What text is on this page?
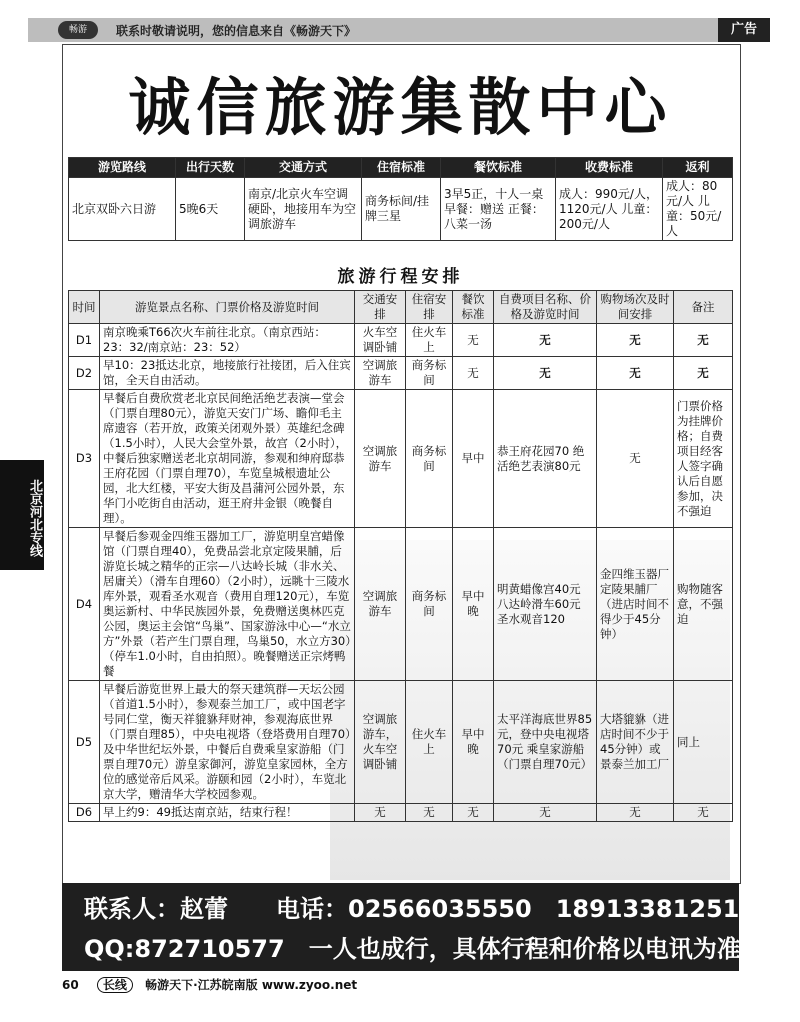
畅游	联系时敬请说明，您的信息来自《畅游天下》	广告
诚信旅游集散中心
游览路线	出行天数	交通方式	住宿标准	餐饮标准	收费标准	返利
北京双卧六日游	5晚6天	南京/北京火车空调硬卧，地接用车为空调旅游车	商务标间/挂牌三星	3早5正，十人一桌 早餐：赠送 正餐：八菜一汤	成人：990元/人，1120元/人 儿童：200元/人	成人：80元/人 儿童：50元/人
旅游行程安排
时间	游览景点名称、门票价格及游览时间	交通安排	住宿安排	餐饮标准	自费项目名称、价格及游览时间	购物场次及时间安排	备注
D1	南京晚乘T66次火车前往北京。（南京西站：23：32/南京站：23：52）	火车空调卧铺	住火车上	无	无	无	无
D2	早10：23抵达北京，地接旅行社接团，后入住宾馆，全天自由活动。	空调旅游车	商务标间	无	无	无	无
D3	早餐后自费欣赏老北京民间绝活绝艺表演—堂会（门票自理80元），游览天安门广场、瞻仰毛主席遗容（若开放，政策关闭观外景）英雄纪念碑（1.5小时），人民大会堂外景，故宫（2小时），中餐后独家赠送老北京胡同游，参观和绅府邸恭王府花园（门票自理70），车览皇城根遗址公园，北大红楼，平安大街及昌蒲河公园外景，东华门小吃街自由活动，逛王府井金银（晚餐自理）。	空调旅游车	商务标间	早中	恭王府花园70 绝活绝艺表演80元	无	门票价格为挂牌价格；自费项目经客人签字确认后自愿参加，决不强迫
D4	早餐后参观金四维玉器加工厂，游览明皇宫蜡像馆（门票自理40），免费品尝北京定陵果脯，后游览长城之精华的正宗—八达岭长城（非水关、居庸关）（滑车自理60）（2小时），远眺十三陵水库外景，观看圣水观音（费用自理120元），车览奥运新村、中华民族园外景，免费赠送奥林匹克公园，奥运主会馆“鸟巢”、国家游泳中心—“水立方”外景（若产生门票自理，鸟巢50，水立方30）（停车1.0小时，自由拍照）。晚餐赠送正宗烤鸭餐	空调旅游车	商务标间	早中晚	明黄蜡像宫40元 八达岭滑车60元 圣水观音120	金四维玉器厂 定陵果脯厂（进店时间不得少于45分钟）	购物随客意，不强迫
D5	早餐后游览世界上最大的祭天建筑群—天坛公园（首道1.5小时），参观泰兰加工厂，或中国老字号同仁堂，衡天祥貔貅拜财神，参观海底世界（门票自理85），中央电视塔（登塔费用自理70）及中华世纪坛外景，中餐后自费乘皇家游船（门票自理70元）游皇家御河，游览皇家园林，全方位的感觉帝后风采。游颐和园（2小时），车览北京大学，赠清华大学校园参观。	空调旅游车，火车空调卧铺	住火车上	早中晚	太平洋海底世界85元，登中央电视塔70元 乘皇家游船（门票自理70元）	大塔貔貅（进店时间不少于45分钟）或景泰兰加工厂	同上
D6	早上约9：49抵达南京站，结束行程！	无	无	无	无	无	无
北京河北专线
联系人：赵蕾　　电话：02566035550　18913381251
QQ:872710577　一人也成行，具体行程和价格以电讯为准！
60 长线 畅游天下·江苏皖南版 www.zyoo.net
